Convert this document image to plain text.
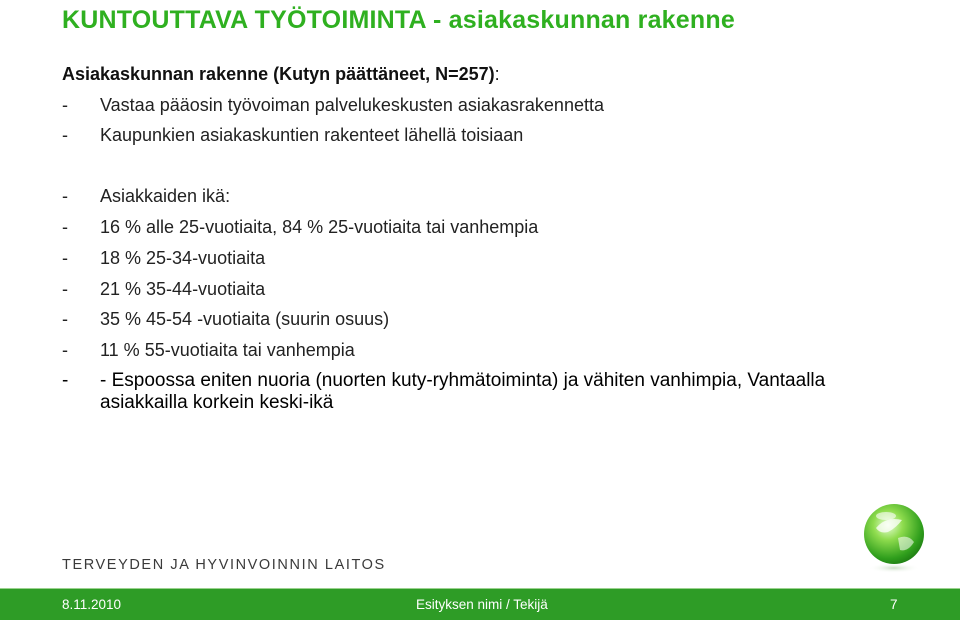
KUNTOUTTAVA TYÖTOIMINTA - asiakaskunnan rakenne
Asiakaskunnan rakenne (Kutyn päättäneet, N=257):
- Vastaa pääosin työvoiman palvelukeskusten asiakasrakennetta
- Kaupunkien asiakaskuntien rakenteet lähellä toisiaan
- Asiakkaiden ikä:
- 16 % alle 25-vuotiaita, 84 % 25-vuotiaita tai vanhempia
- 18 % 25-34-vuotiaita
- 21 % 35-44-vuotiaita
- 35 % 45-54 -vuotiaita (suurin osuus)
- 11 % 55-vuotiaita tai vanhempia
- - Espoossa eniten nuoria (nuorten kuty-ryhmätoiminta) ja vähiten vanhimpia, Vantaalla asiakkailla korkein keski-ikä
TERVEYDEN JA HYVINVOINNIN LAITOS
8.11.2010	Esityksen nimi / Tekijä	7
